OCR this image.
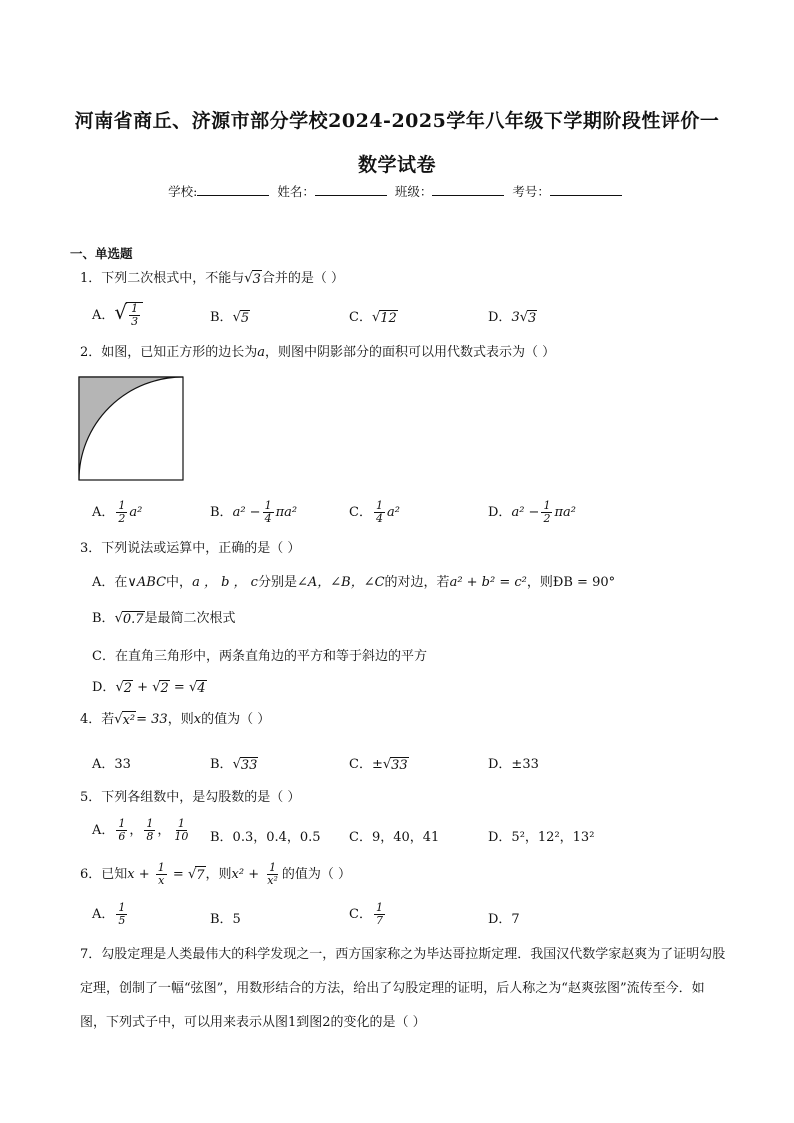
河南省商丘、济源市部分学校2024-2025学年八年级下学期阶段性评价一
数学试卷
学校:	姓名：	班级：	考号：
一、单选题
1．下列二次根式中，不能与 √ 3 合并的是（ ）
A． √ $\frac{1}{3}$	B． √ 5	C． √ 12	D．3 √ 3
2．如图，已知正方形的边长为a，则图中阴影部分的面积可以用代数式表示为（ ）
A． $\frac{1}{2} a^2$	B．$a^2 - \frac{1}{4} \pi a^2$	C． $\frac{1}{4} a^2$	D．$a^2 - \frac{1}{2} \pi a^2$
3．下列说法或运算中，正确的是（ ）
A．在∨ABC中，a ， b ， c分别是∠A，∠B，∠C的对边，若a² + b² = c²，则ÐB = 90°
B． √ 0.7 是最简二次根式
C．在直角三角形中，两条直角边的平方和等于斜边的平方
D． √ 2 + √ 2 = √ 4
4．若 √ x² = 33，则x的值为（ ）
A．33	B． √ 33	C．± √ 33	D．±33
5．下列各组数中，是勾股数的是（ ）
A． $\frac{1}{6}$ ， $\frac{1}{8}$ ， $\frac{1}{10}$ B．0.3，0.4，0.5 C．9，40，41	D．5²，12²，13²
6．已知$x + \frac{1}{x}$ = √ 7 ，则$x^2 + \frac{1}{\text{x²}}$ 的值为（ ）
A． $\frac{1}{5}$	B．5	C． $\frac{1}{7}$	D．7
7．勾股定理是人类最伟大的科学发现之一，西方国家称之为毕达哥拉斯定理．我国汉代数学家赵爽为了证明勾股定理，创制了一幅“弦图”，用数形结合的方法，给出了勾股定理的证明，后人称之为“赵爽弦图”流传至今．如图，下列式子中，可以用来表示从图1到图2的变化的是（ ）
